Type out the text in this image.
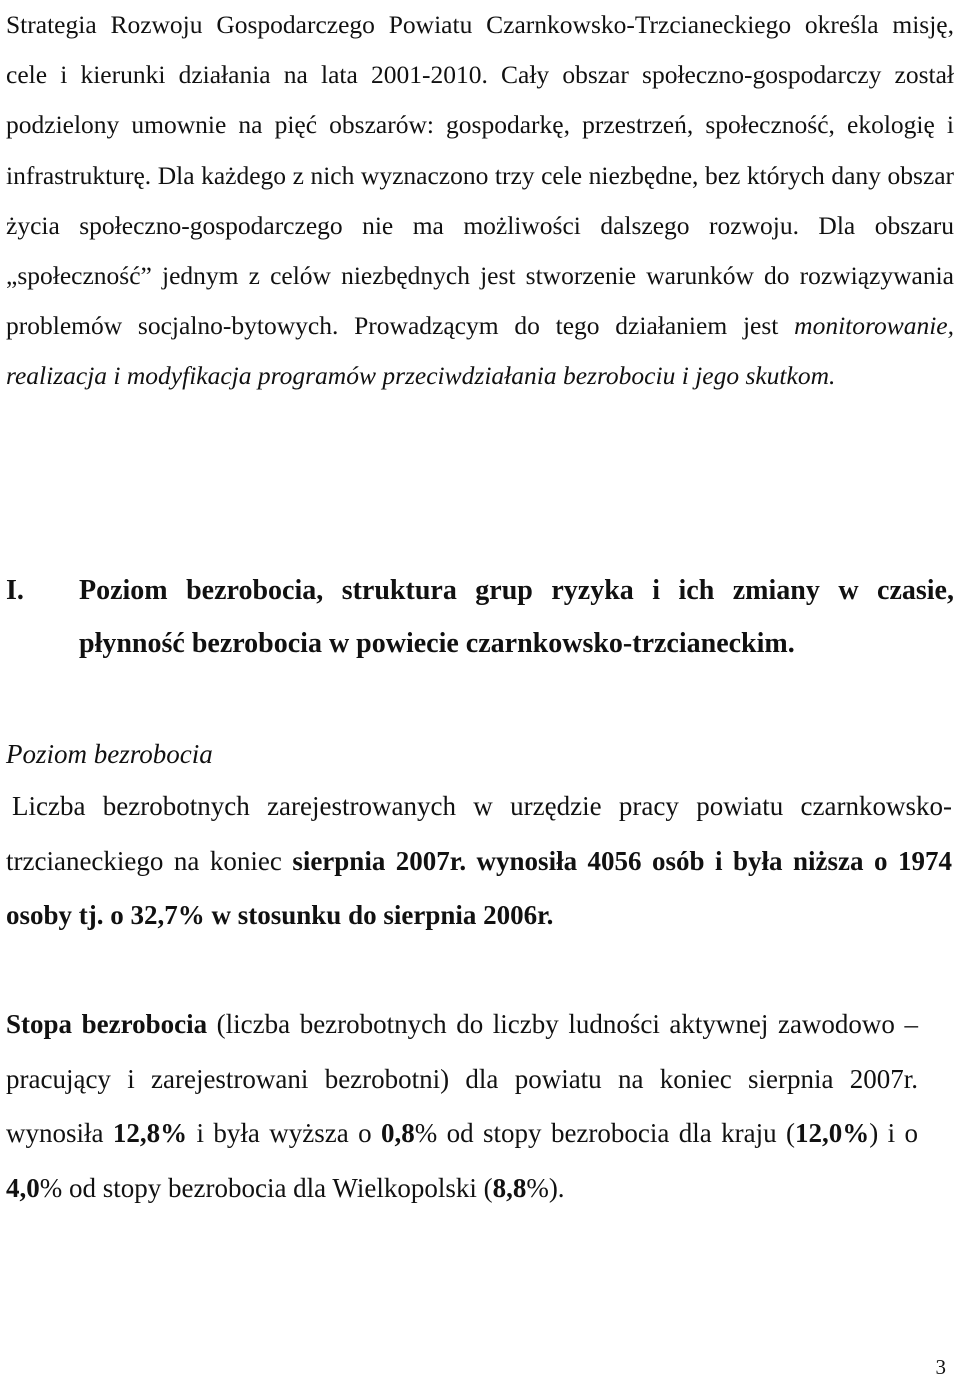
Strategia Rozwoju Gospodarczego Powiatu Czarnkowsko-Trzcianeckiego określa misję, cele i kierunki działania na lata 2001-2010. Cały obszar społeczno-gospodarczy został podzielony umownie na pięć obszarów: gospodarkę, przestrzeń, społeczność, ekologię i infrastrukturę. Dla każdego z nich wyznaczono trzy cele niezbędne, bez których dany obszar życia społeczno-gospodarczego nie ma możliwości dalszego rozwoju. Dla obszaru „społeczność” jednym z celów niezbędnych jest stworzenie warunków do rozwiązywania problemów socjalno-bytowych. Prowadzącym do tego działaniem jest monitorowanie, realizacja i modyfikacja programów przeciwdziałania bezrobociu i jego skutkom.

I. Poziom bezrobocia, struktura grup ryzyka i ich zmiany w czasie, płynność bezrobocia w powiecie czarnkowsko-trzcianeckim.
Poziom bezrobocia

Liczba bezrobotnych zarejestrowanych w urzędzie pracy powiatu czarnkowsko-trzcianeckiego na koniec sierpnia 2007r. wynosiła 4056 osób i była niższa o 1974 osoby tj. o 32,7% w stosunku do sierpnia 2006r.

Stopa bezrobocia (liczba bezrobotnych do liczby ludności aktywnej zawodowo – pracujący i zarejestrowani bezrobotni) dla powiatu na koniec sierpnia 2007r. wynosiła 12,8% i była wyższa o 0,8% od stopy bezrobocia dla kraju (12,0%) i o 4,0% od stopy bezrobocia dla Wielkopolski (8,8%).

3
